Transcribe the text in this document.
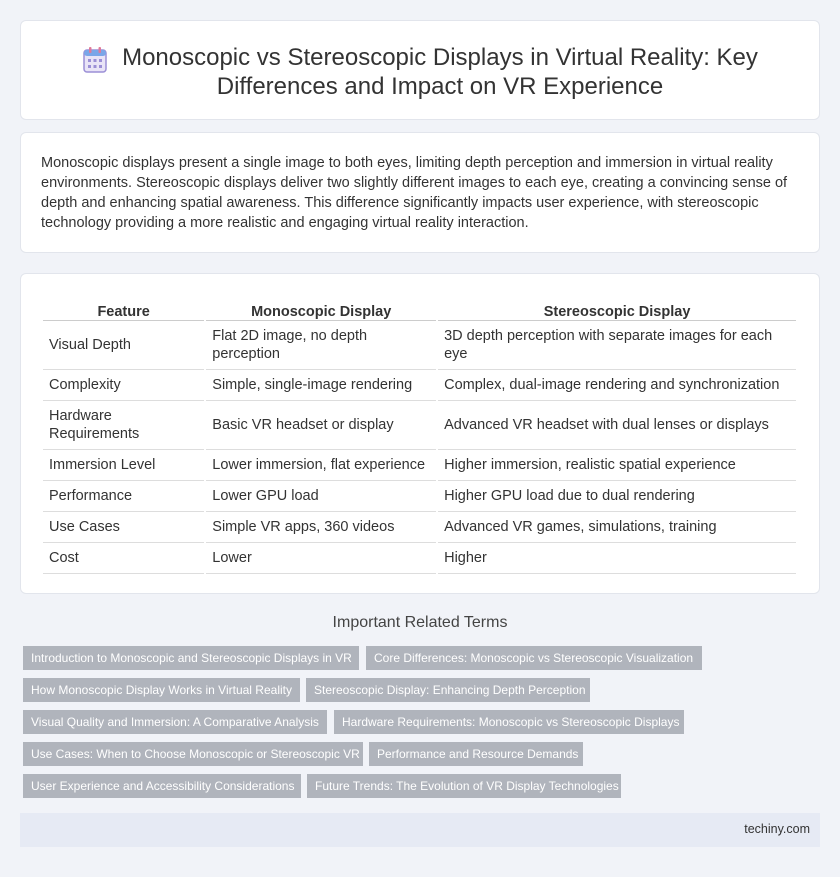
Monoscopic vs Stereoscopic Displays in Virtual Reality: Key Differences and Impact on VR Experience
Monoscopic displays present a single image to both eyes, limiting depth perception and immersion in virtual reality environments. Stereoscopic displays deliver two slightly different images to each eye, creating a convincing sense of depth and enhancing spatial awareness. This difference significantly impacts user experience, with stereoscopic technology providing a more realistic and engaging virtual reality interaction.
Feature	Monoscopic Display	Stereoscopic Display
Visual Depth	Flat 2D image, no depth perception	3D depth perception with separate images for each eye
Complexity	Simple, single-image rendering	Complex, dual-image rendering and synchronization
Hardware Requirements	Basic VR headset or display	Advanced VR headset with dual lenses or displays
Immersion Level	Lower immersion, flat experience	Higher immersion, realistic spatial experience
Performance	Lower GPU load	Higher GPU load due to dual rendering
Use Cases	Simple VR apps, 360 videos	Advanced VR games, simulations, training
Cost	Lower	Higher
Important Related Terms
Introduction to Monoscopic and Stereoscopic Displays in VR	Core Differences: Monoscopic vs Stereoscopic Visualization
How Monoscopic Display Works in Virtual Reality	Stereoscopic Display: Enhancing Depth Perception
Visual Quality and Immersion: A Comparative Analysis	Hardware Requirements: Monoscopic vs Stereoscopic Displays
Use Cases: When to Choose Monoscopic or Stereoscopic VR	Performance and Resource Demands
User Experience and Accessibility Considerations	Future Trends: The Evolution of VR Display Technologies
techiny.com
